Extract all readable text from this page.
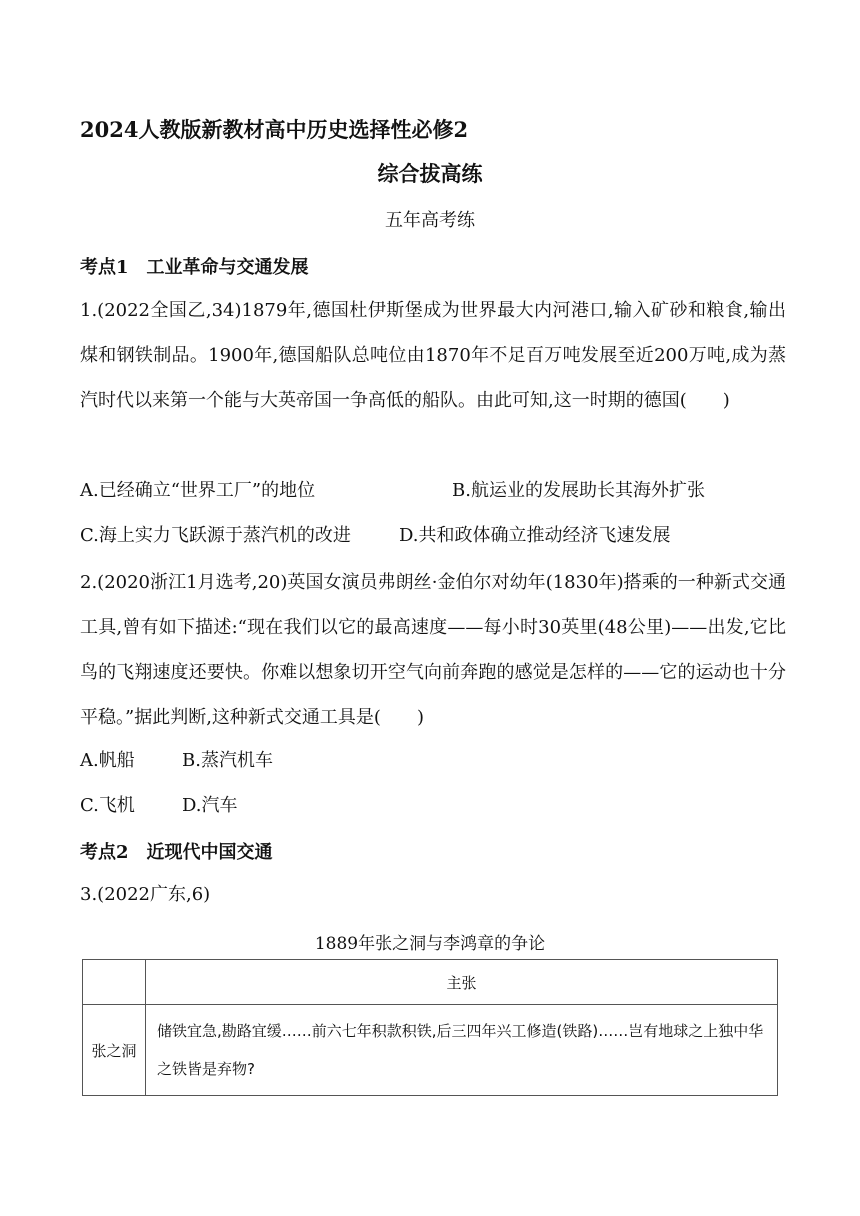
2024人教版新教材高中历史选择性必修2
综合拔高练
五年高考练
考点1 工业革命与交通发展
1.(2022全国乙,34)1879年,德国杜伊斯堡成为世界最大内河港口,输入矿砂和粮食,输出煤和钢铁制品。1900年,德国船队总吨位由1870年不足百万吨发展至近200万吨,成为蒸汽时代以来第一个能与大英帝国一争高低的船队。由此可知,这一时期的德国(　　)
A.已经确立“世界工厂”的地位	B.航运业的发展助长其海外扩张
C.海上实力飞跃源于蒸汽机的改进	D.共和政体确立推动经济飞速发展
2.(2020浙江1月选考,20)英国女演员弗朗丝·金伯尔对幼年(1830年)搭乘的一种新式交通工具,曾有如下描述:“现在我们以它的最高速度——每小时30英里(48公里)——出发,它比鸟的飞翔速度还要快。你难以想象切开空气向前奔跑的感觉是怎样的——它的运动也十分平稳。”据此判断,这种新式交通工具是(　　)
A.帆船	B.蒸汽机车
C.飞机	D.汽车
考点2 近现代中国交通
3.(2022广东,6)
1889年张之洞与李鸿章的争论
	主张
张之洞	储铁宜急,勘路宜缓……前六七年积款积铁,后三四年兴工修造(铁路)……岂有地球之上独中华之铁皆是弃物?
